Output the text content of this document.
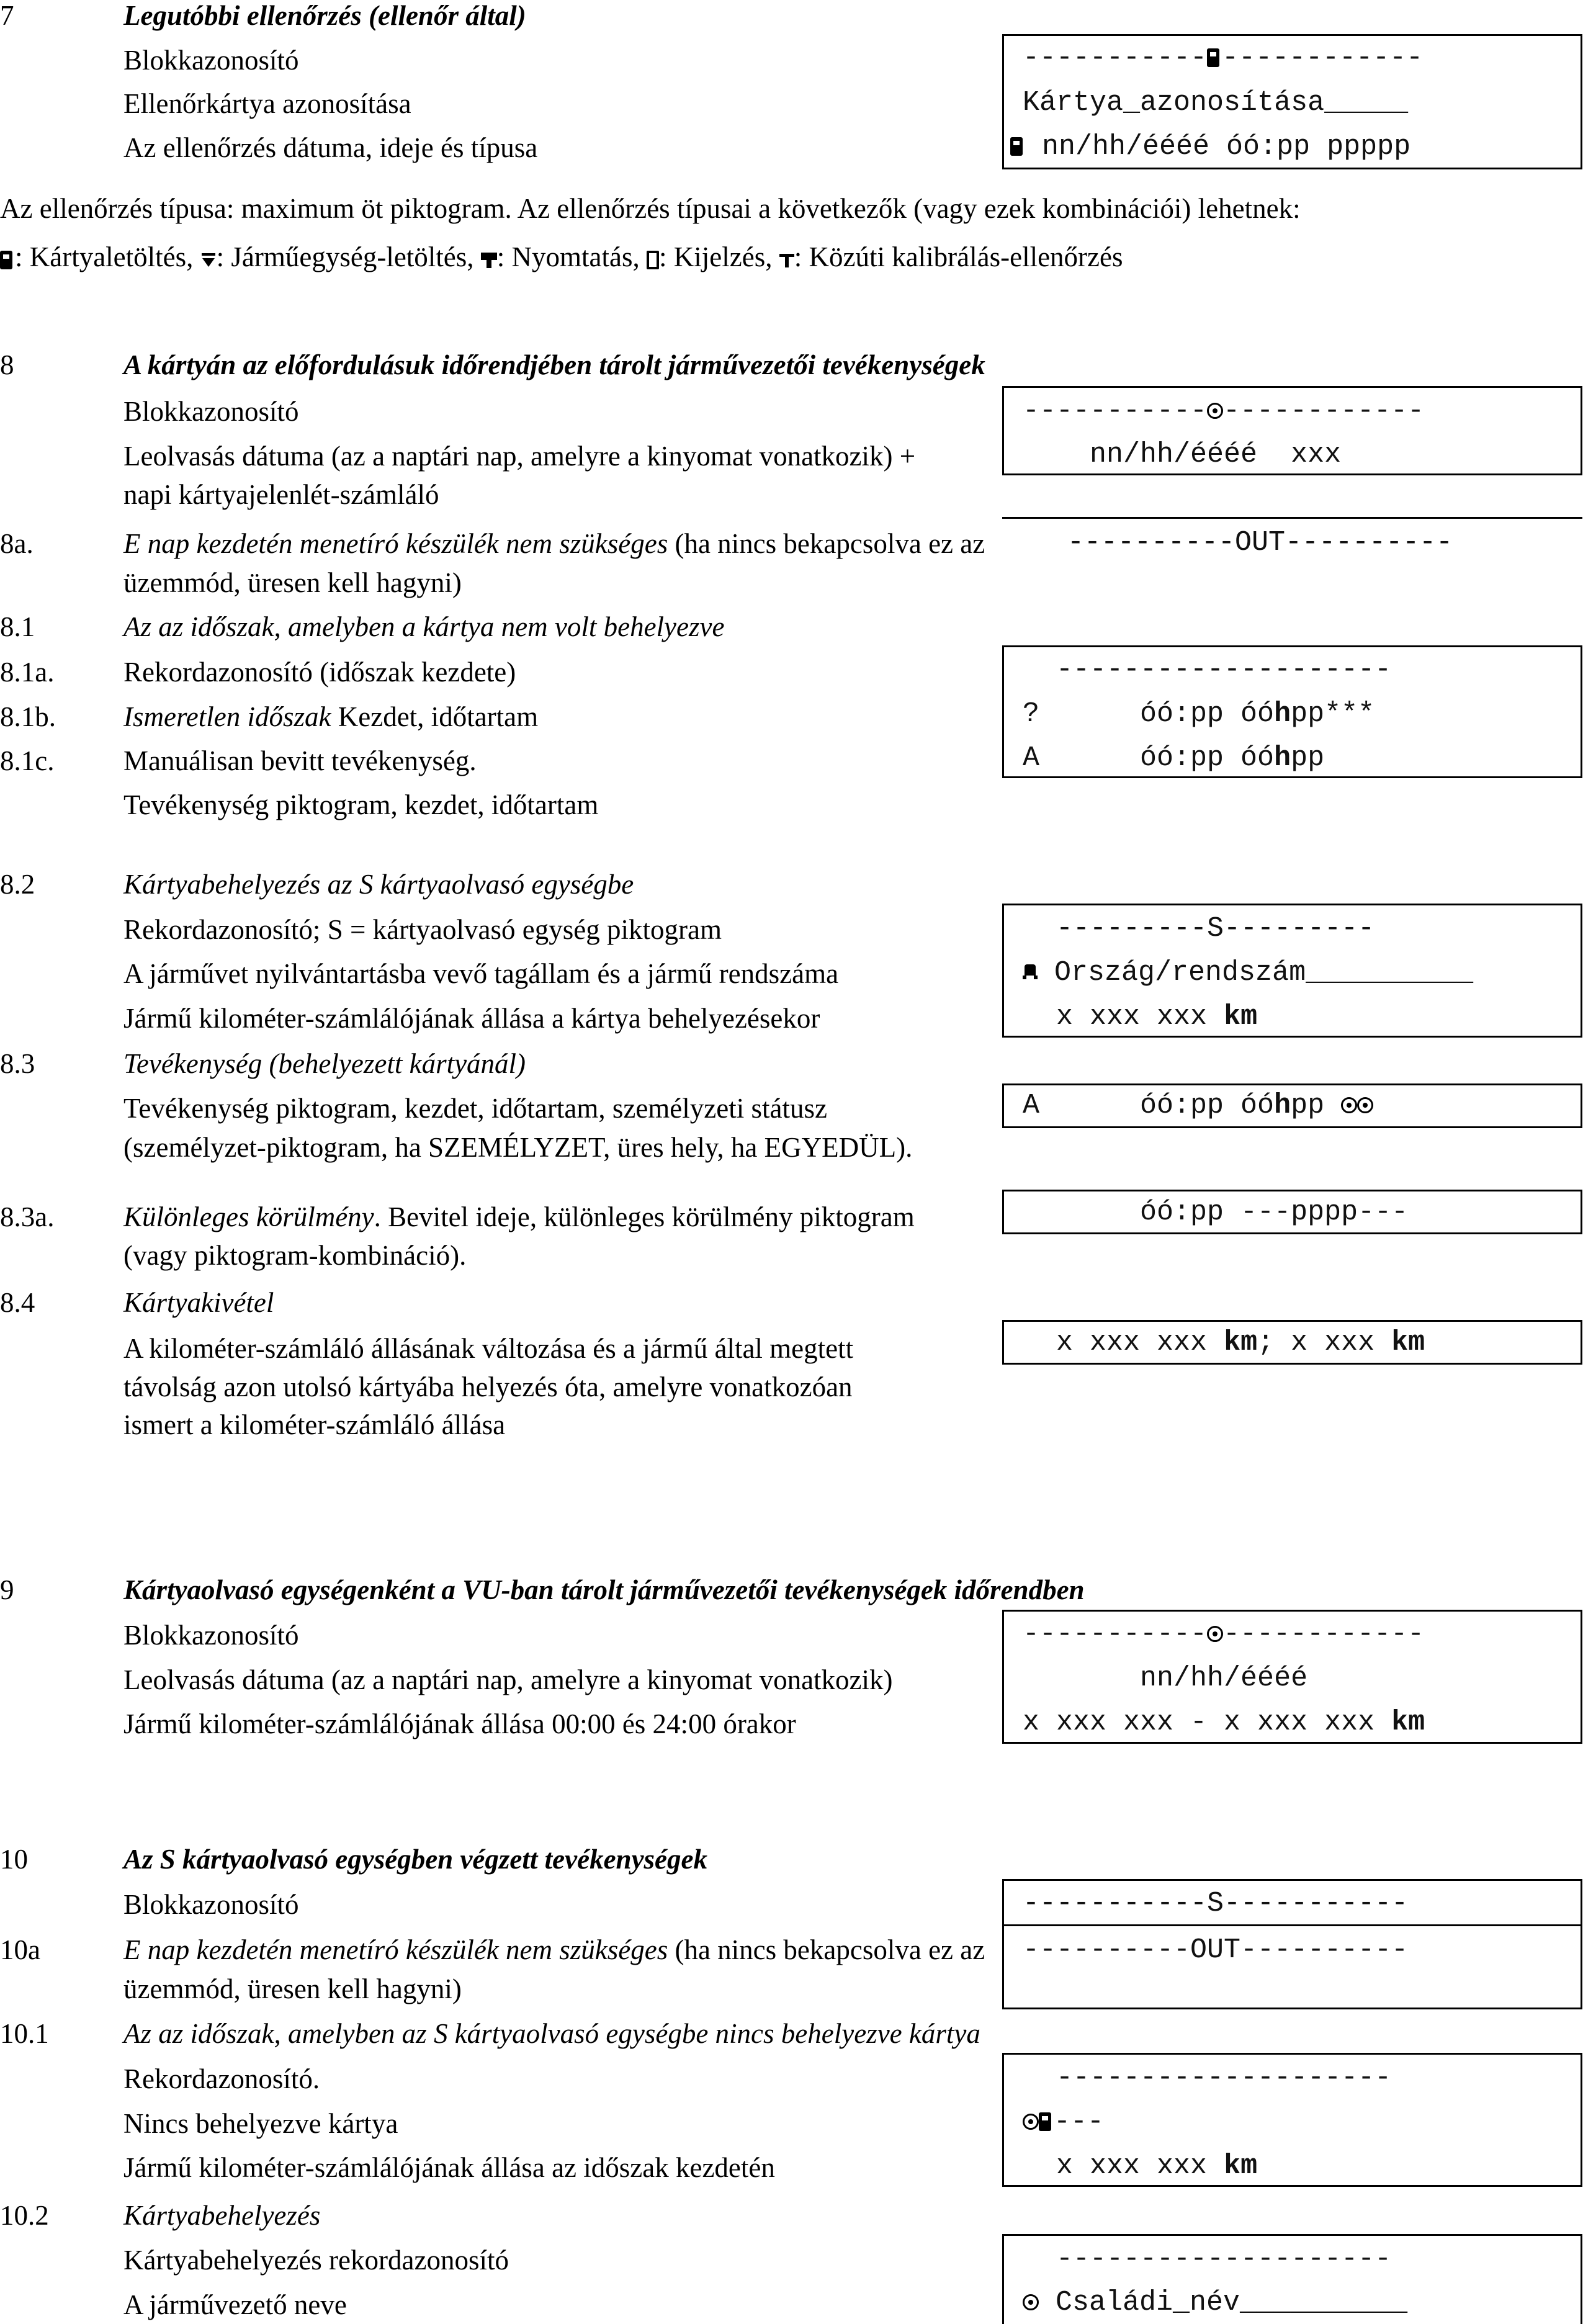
7	Legutóbbi ellenőrzés (ellenőr által)
Blokkazonosító
Ellenőrkártya azonosítása
Az ellenőrzés dátuma, ideje és típusa
----------- ------------
Kártya_azonosítása_____
nn/hh/éééé óó:pp ppppp
Az ellenőrzés típusa: maximum öt piktogram. Az ellenőrzés típusai a következők (vagy ezek kombinációi) lehetnek:
: Kártyaletöltés, : Járműegység-letöltés, : Nyomtatás, : Kijelzés, : Közúti kalibrálás-ellenőrzés
8	A kártyán az előfordulásuk időrendjében tárolt járművezetői tevékenységek
Blokkazonosító
Leolvasás dátuma (az a naptári nap, amelyre a kinyomat vonatkozik) +
napi kártyajelenlét-számláló
----------- ------------
nn/hh/éééé  xxx
8a.	E nap kezdetén menetíró készülék nem szükséges (ha nincs bekapcsolva ez az
üzemmód, üresen kell hagyni)
----------OUT----------
8.1	Az az időszak, amelyben a kártya nem volt behelyezve
8.1a. Rekordazonosító (időszak kezdete)
8.1b. Ismeretlen időszak Kezdet, időtartam
8.1c. Manuálisan bevitt tevékenység.
Tevékenység piktogram, kezdet, időtartam
--------------------
?      óó:pp óóhpp***
A      óó:pp óóhpp
8.2	Kártyabehelyezés az S kártyaolvasó egységbe
Rekordazonosító; S = kártyaolvasó egység piktogram
A járművet nyilvántartásba vevő tagállam és a jármű rendszáma
Jármű kilométer-számlálójának állása a kártya behelyezésekor
---------S---------
Ország/rendszám__________
x xxx xxx km
8.3	Tevékenység (behelyezett kártyánál)
Tevékenység piktogram, kezdet, időtartam, személyzeti státusz
(személyzet-piktogram, ha SZEMÉLYZET, üres hely, ha EGYEDÜL).
A      óó:pp óóhpp
8.3a. Különleges körülmény. Bevitel ideje, különleges körülmény piktogram
(vagy piktogram-kombináció).
óó:pp ---pppp---
8.4	Kártyakivétel
A kilométer-számláló állásának változása és a jármű által megtett
távolság azon utolsó kártyába helyezés óta, amelyre vonatkozóan
ismert a kilométer-számláló állása
x xxx xxx km; x xxx km
9	Kártyaolvasó egységenként a VU-ban tárolt járművezetői tevékenységek időrendben
Blokkazonosító
Leolvasás dátuma (az a naptári nap, amelyre a kinyomat vonatkozik)
Jármű kilométer-számlálójának állása 00:00 és 24:00 órakor
----------- ------------
nn/hh/éééé
x xxx xxx - x xxx xxx km
10	Az S kártyaolvasó egységben végzett tevékenységek
Blokkazonosító
10a	E nap kezdetén menetíró készülék nem szükséges (ha nincs bekapcsolva ez az
üzemmód, üresen kell hagyni)
-----------S-----------
----------OUT----------
10.1	Az az időszak, amelyben az S kártyaolvasó egységbe nincs behelyezve kártya
Rekordazonosító.
Nincs behelyezve kártya
Jármű kilométer-számlálójának állása az időszak kezdetén
--------------------
---
x xxx xxx km
10.2	Kártyabehelyezés
Kártyabehelyezés rekordazonosító
A járművezető neve
--------------------
Családi_név__________
